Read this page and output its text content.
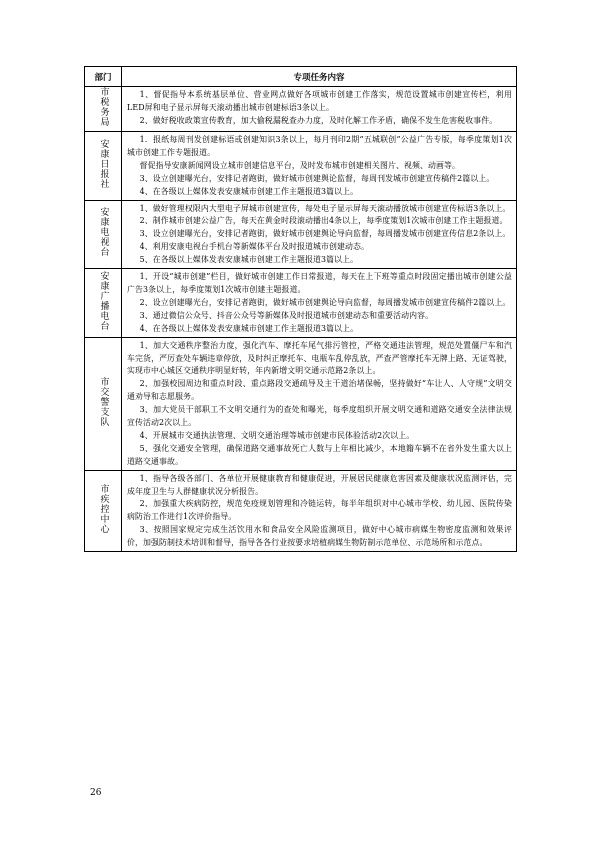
部门	专项任务内容
市税务局	1、督促指导本系统基层单位、营业网点做好各项城市创建工作落实，规范设置城市创建宣传栏，利用LED屏和电子显示屏每天滚动播出城市创建标语3条以上。

2、做好税收政策宣传教育，加大偷税漏税查办力度，及时化解工作矛盾，确保不发生危害税收事件。

安康日报社	1．报纸每周刊发创建标语或创建知识3条以上，每月刊印2期“五城联创”公益广告专版，每季度策划1次城市创建工作专题报道。

督促指导安康新闻网设立城市创建信息平台，及时发布城市创建相关图片、视频、动画等。

3、设立创建曝光台，安排记者跑街，做好城市创建舆论监督，每周刊发城市创建宣传稿件2篇以上。

4、在各级以上媒体发表安康城市创建工作主题报道3篇以上。

安康电视台	1、做好管理权限内大型电子屏城市创建宣传，每处电子显示屏每天滚动播放城市创建宣传标语3条以上。

2、制作城市创建公益广告，每天在黄金时段滚动播出4条以上，每季度策划1次城市创建工作主题报道。

3、设立创建曝光台，安排记者跑街，做好城市创建舆论导向监督，每周播发城市创建宣传信息2条以上。

4、利用安康电视台手机台等新媒体平台及时报道城市创建动态。

5、在各级以上媒体发表安康城市创建工作主题报道3篇以上。

安康广播电台	1、开设“城市创建”栏目，做好城市创建工作日常报道，每天在上下班等重点时段固定播出城市创建公益广告3条以上，每季度策划1次城市创建主题报道。

2、设立创建曝光台，安排记者跑街，做好城市创建舆论导向监督，每周播发城市创建宣传稿件2篇以上。

3、通过微信公众号、抖音公众号等新媒体及时报道城市创建动态和重要活动内容。

4、在各级以上媒体发表安康城市创建工作主题报道3篇以上。

市交警支队	1、加大交通秩序整治力度，强化汽车、摩托车尾气排污管控，严格交通违法管理，规范处置僵尸车和汽车完货，严厉查处车辆违章停放，及时纠正摩托车、电瓶车乱停乱放，严查严管摩托车无牌上路、无证驾驶，实现市中心城区交通秩序明显好转，年内新增文明交通示范路2条以上。

2、加强校园周边和重点时段、重点路段交通疏导及主干道治堵保畅，坚持做好“车让人、人守规”文明交通劝导和志愿服务。

3、加大党员干部职工不文明交通行为的查处和曝光，每季度组织开展文明交通和道路交通安全法律法规宣传活动2次以上。

4、开展城市交通执法管理、文明交通治理等城市创建市民体验活动2次以上。

5、强化交通安全管理，确保道路交通事故死亡人数与上年相比减少，本地籍车辆不在省外发生重大以上道路交通事故。

市疾控中心	1、指导各级各部门、各单位开展健康教育和健康促进，开展居民健康危害因素及健康状况监测评估，完成年度卫生与人群健康状况分析报告。

2、加强重大疾病防控，规范免疫规划管理和冷链运转，每半年组织对中心城市学校、幼儿园、医院传染病防治工作进行1次评价指导。

3、按照国家规定完成生活饮用水和食品安全风险监测项目，做好中心城市病媒生物密度监测和效果评价，加强防制技术培训和督导，指导各各行业按要求培植病媒生物防制示范单位、示范场所和示范点。

26
